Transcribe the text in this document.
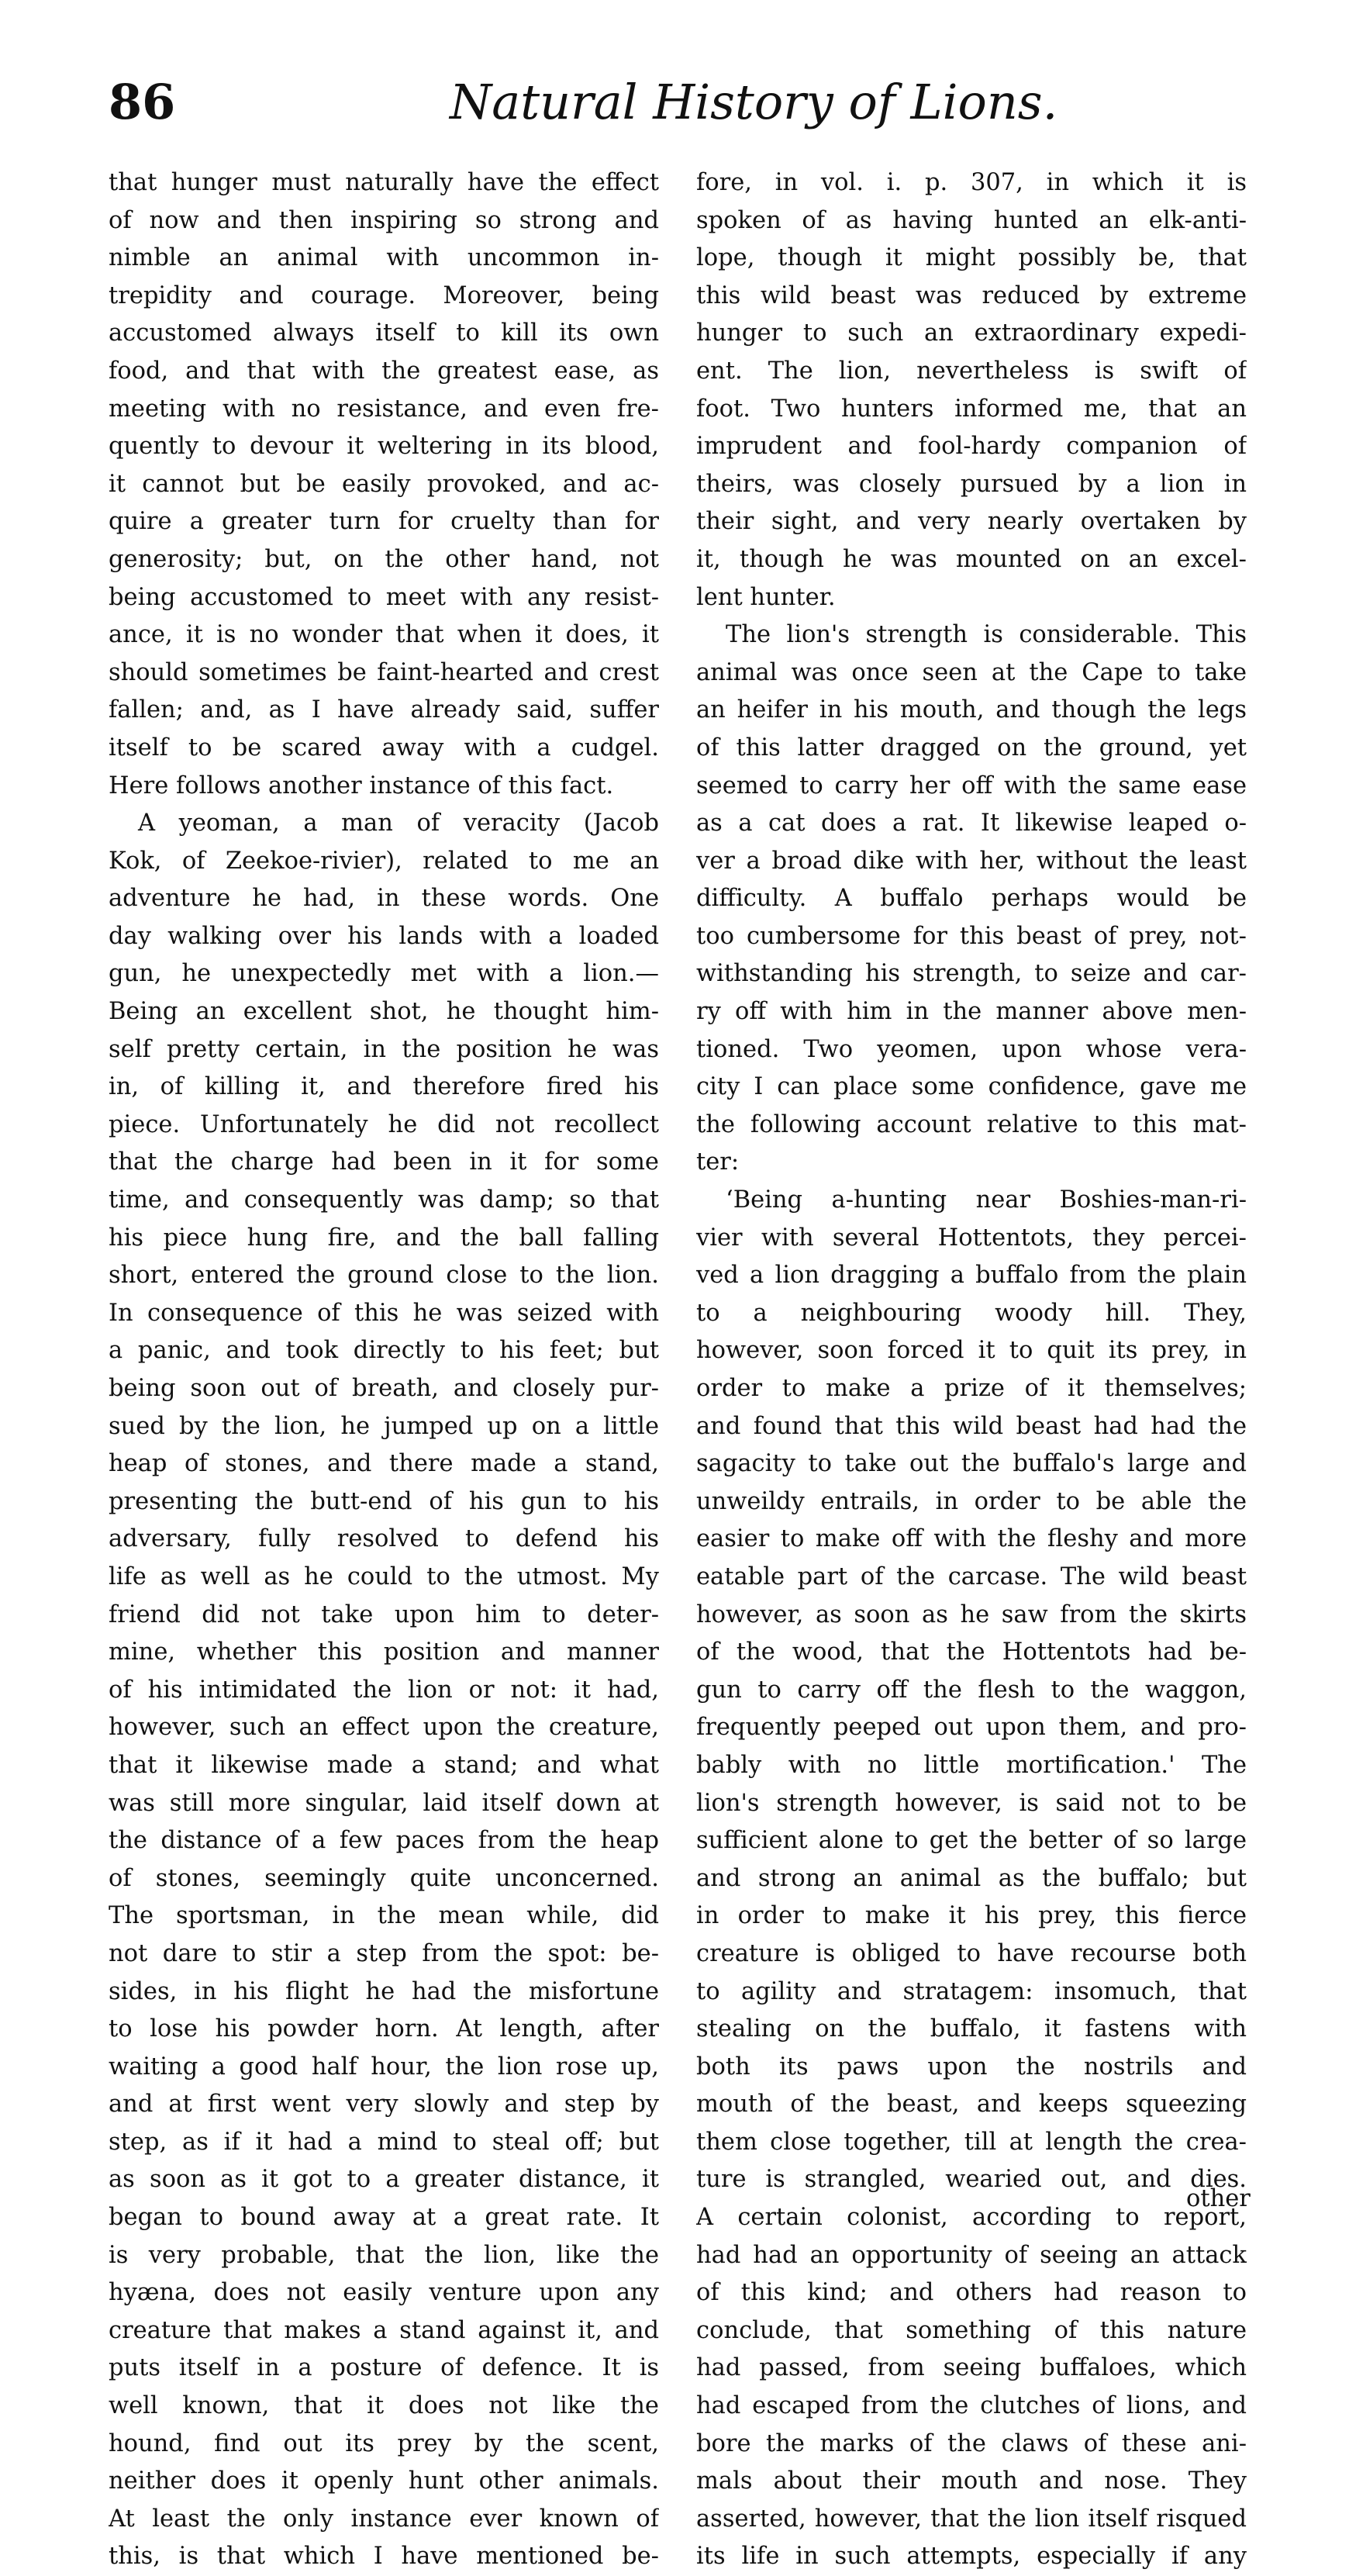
86	Natural History of Lions.
that hunger must naturally have the effect
of now and then inspiring so strong and
nimble an animal with uncommon in-
trepidity and courage. Moreover, being
accustomed always itself to kill its own
food, and that with the greatest ease, as
meeting with no resistance, and even fre-
quently to devour it weltering in its blood,
it cannot but be easily provoked, and ac-
quire a greater turn for cruelty than for
generosity; but, on the other hand, not
being accustomed to meet with any resist-
ance, it is no wonder that when it does, it
should sometimes be faint-hearted and crest
fallen; and, as I have already said, suffer
itself to be scared away with a cudgel.
Here follows another instance of this fact.
A yeoman, a man of veracity (Jacob
Kok, of Zeekoe-rivier), related to me an
adventure he had, in these words. One
day walking over his lands with a loaded
gun, he unexpectedly met with a lion.—
Being an excellent shot, he thought him-
self pretty certain, in the position he was
in, of killing it, and therefore fired his
piece. Unfortunately he did not recollect
that the charge had been in it for some
time, and consequently was damp; so that
his piece hung fire, and the ball falling
short, entered the ground close to the lion.
In consequence of this he was seized with
a panic, and took directly to his feet; but
being soon out of breath, and closely pur-
sued by the lion, he jumped up on a little
heap of stones, and there made a stand,
presenting the butt-end of his gun to his
adversary, fully resolved to defend his
life as well as he could to the utmost. My
friend did not take upon him to deter-
mine, whether this position and manner
of his intimidated the lion or not: it had,
however, such an effect upon the creature,
that it likewise made a stand; and what
was still more singular, laid itself down at
the distance of a few paces from the heap
of stones, seemingly quite unconcerned.
The sportsman, in the mean while, did
not dare to stir a step from the spot: be-
sides, in his flight he had the misfortune
to lose his powder horn. At length, after
waiting a good half hour, the lion rose up,
and at first went very slowly and step by
step, as if it had a mind to steal off; but
as soon as it got to a greater distance, it
began to bound away at a great rate. It
is very probable, that the lion, like the
hyæna, does not easily venture upon any
creature that makes a stand against it, and
puts itself in a posture of defence. It is
well known, that it does not like the
hound, find out its prey by the scent,
neither does it openly hunt other animals.
At least the only instance ever known of
this, is that which I have mentioned be-
fore, in vol. i. p. 307, in which it is
spoken of as having hunted an elk-anti-
lope, though it might possibly be, that
this wild beast was reduced by extreme
hunger to such an extraordinary expedi-
ent. The lion, nevertheless is swift of
foot. Two hunters informed me, that an
imprudent and fool-hardy companion of
theirs, was closely pursued by a lion in
their sight, and very nearly overtaken by
it, though he was mounted on an excel-
lent hunter.
The lion's strength is considerable. This
animal was once seen at the Cape to take
an heifer in his mouth, and though the legs
of this latter dragged on the ground, yet
seemed to carry her off with the same ease
as a cat does a rat. It likewise leaped o-
ver a broad dike with her, without the least
difficulty. A buffalo perhaps would be
too cumbersome for this beast of prey, not-
withstanding his strength, to seize and car-
ry off with him in the manner above men-
tioned. Two yeomen, upon whose vera-
city I can place some confidence, gave me
the following account relative to this mat-
ter:
‘Being a-hunting near Boshies-man-ri-
vier with several Hottentots, they percei-
ved a lion dragging a buffalo from the plain
to a neighbouring woody hill. They,
however, soon forced it to quit its prey, in
order to make a prize of it themselves;
and found that this wild beast had had the
sagacity to take out the buffalo's large and
unweildy entrails, in order to be able the
easier to make off with the fleshy and more
eatable part of the carcase. The wild beast
however, as soon as he saw from the skirts
of the wood, that the Hottentots had be-
gun to carry off the flesh to the waggon,
frequently peeped out upon them, and pro-
bably with no little mortification.' The
lion's strength however, is said not to be
sufficient alone to get the better of so large
and strong an animal as the buffalo; but
in order to make it his prey, this fierce
creature is obliged to have recourse both
to agility and stratagem: insomuch, that
stealing on the buffalo, it fastens with
both its paws upon the nostrils and
mouth of the beast, and keeps squeezing
them close together, till at length the crea-
ture is strangled, wearied out, and dies.
A certain colonist, according to report,
had had an opportunity of seeing an attack
of this kind; and others had reason to
conclude, that something of this nature
had passed, from seeing buffaloes, which
had escaped from the clutches of lions, and
bore the marks of the claws of these ani-
mals about their mouth and nose. They
asserted, however, that the lion itself risqued
its life in such attempts, especially if any
other
